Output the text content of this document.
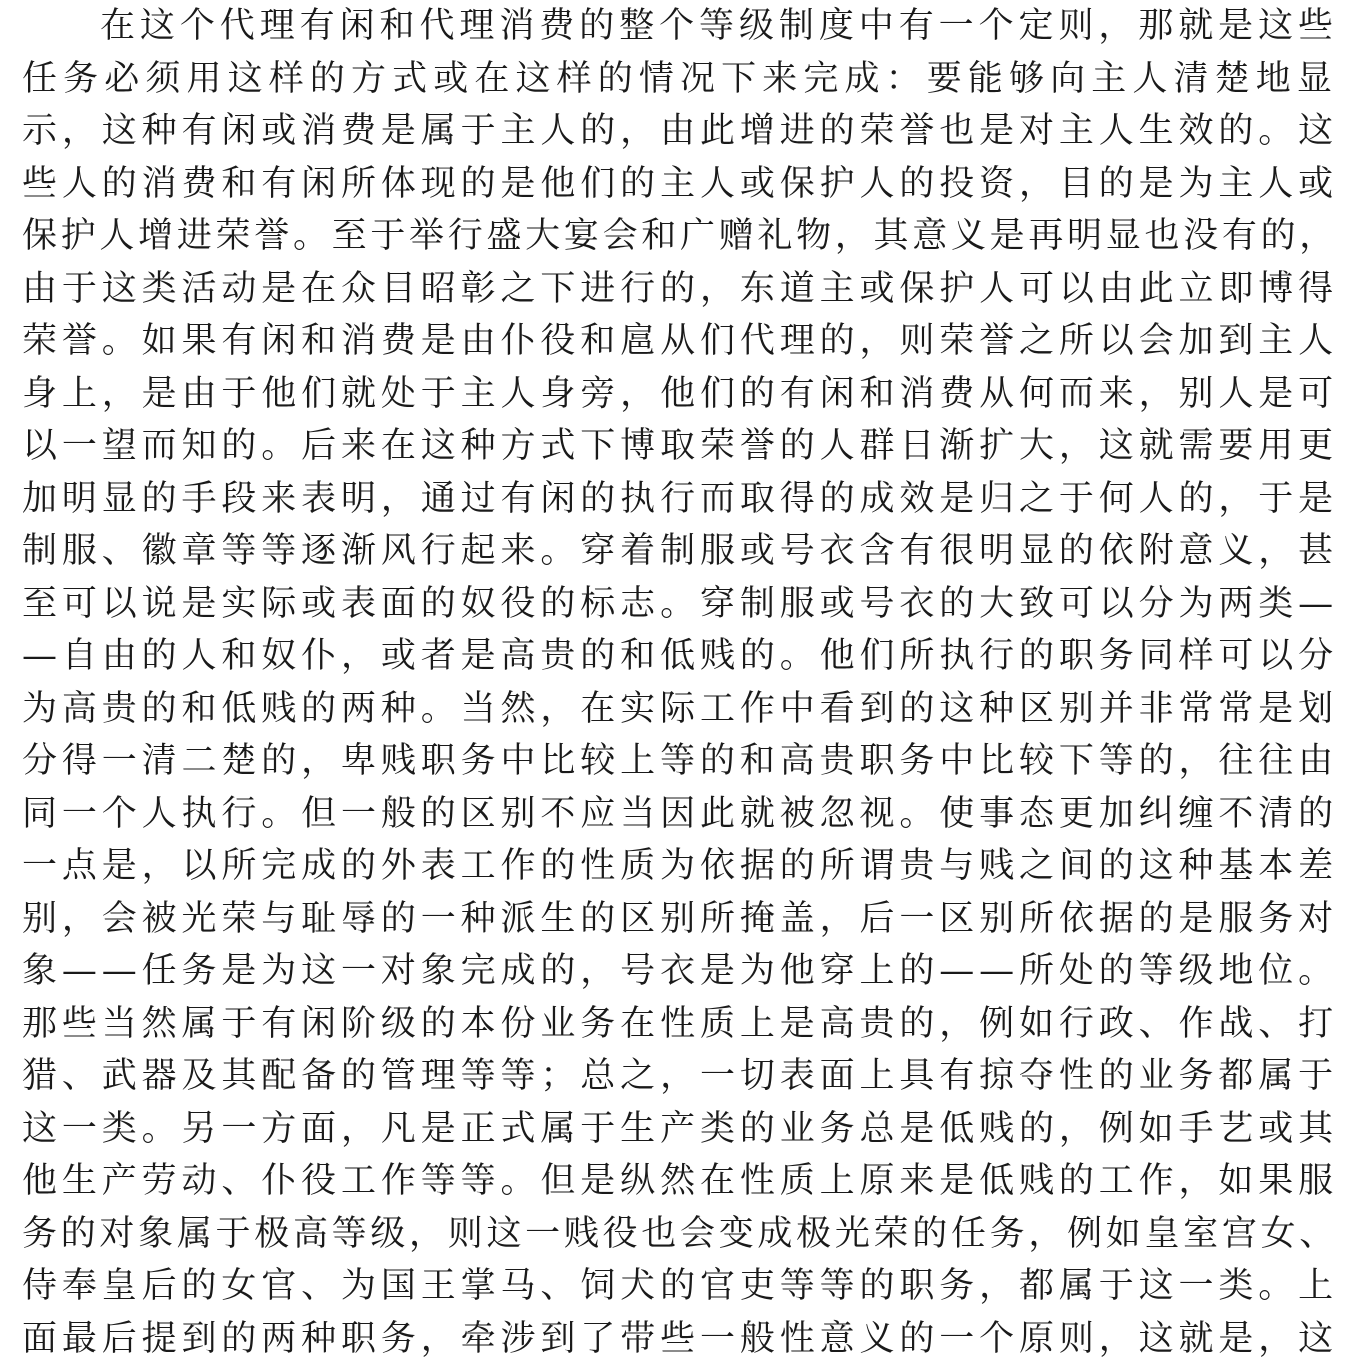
在这个代理有闲和代理消费的整个等级制度中有一个定则，那就是这些
任务必须用这样的方式或在这样的情况下来完成：要能够向主人清楚地显
示，这种有闲或消费是属于主人的，由此增进的荣誉也是对主人生效的。这
些人的消费和有闲所体现的是他们的主人或保护人的投资，目的是为主人或
保护人增进荣誉。至于举行盛大宴会和广赠礼物，其意义是再明显也没有的，
由于这类活动是在众目昭彰之下进行的，东道主或保护人可以由此立即博得
荣誉。如果有闲和消费是由仆役和扈从们代理的，则荣誉之所以会加到主人
身上，是由于他们就处于主人身旁，他们的有闲和消费从何而来，别人是可
以一望而知的。后来在这种方式下博取荣誉的人群日渐扩大，这就需要用更
加明显的手段来表明，通过有闲的执行而取得的成效是归之于何人的，于是
制服、徽章等等逐渐风行起来。穿着制服或号衣含有很明显的依附意义，甚
至可以说是实际或表面的奴役的标志。穿制服或号衣的大致可以分为两类—
—自由的人和奴仆，或者是高贵的和低贱的。他们所执行的职务同样可以分
为高贵的和低贱的两种。当然，在实际工作中看到的这种区别并非常常是划
分得一清二楚的，卑贱职务中比较上等的和高贵职务中比较下等的，往往由
同一个人执行。但一般的区别不应当因此就被忽视。使事态更加纠缠不清的
一点是，以所完成的外表工作的性质为依据的所谓贵与贱之间的这种基本差
别，会被光荣与耻辱的一种派生的区别所掩盖，后一区别所依据的是服务对
象——任务是为这一对象完成的，号衣是为他穿上的——所处的等级地位。
那些当然属于有闲阶级的本份业务在性质上是高贵的，例如行政、作战、打
猎、武器及其配备的管理等等；总之，一切表面上具有掠夺性的业务都属于
这一类。另一方面，凡是正式属于生产类的业务总是低贱的，例如手艺或其
他生产劳动、仆役工作等等。但是纵然在性质上原来是低贱的工作，如果服
务的对象属于极高等级，则这一贱役也会变成极光荣的任务，例如皇室宫女、
侍奉皇后的女官、为国王掌马、饲犬的官吏等等的职务，都属于这一类。上
面最后提到的两种职务，牵涉到了带些一般性意义的一个原则，这就是，这
